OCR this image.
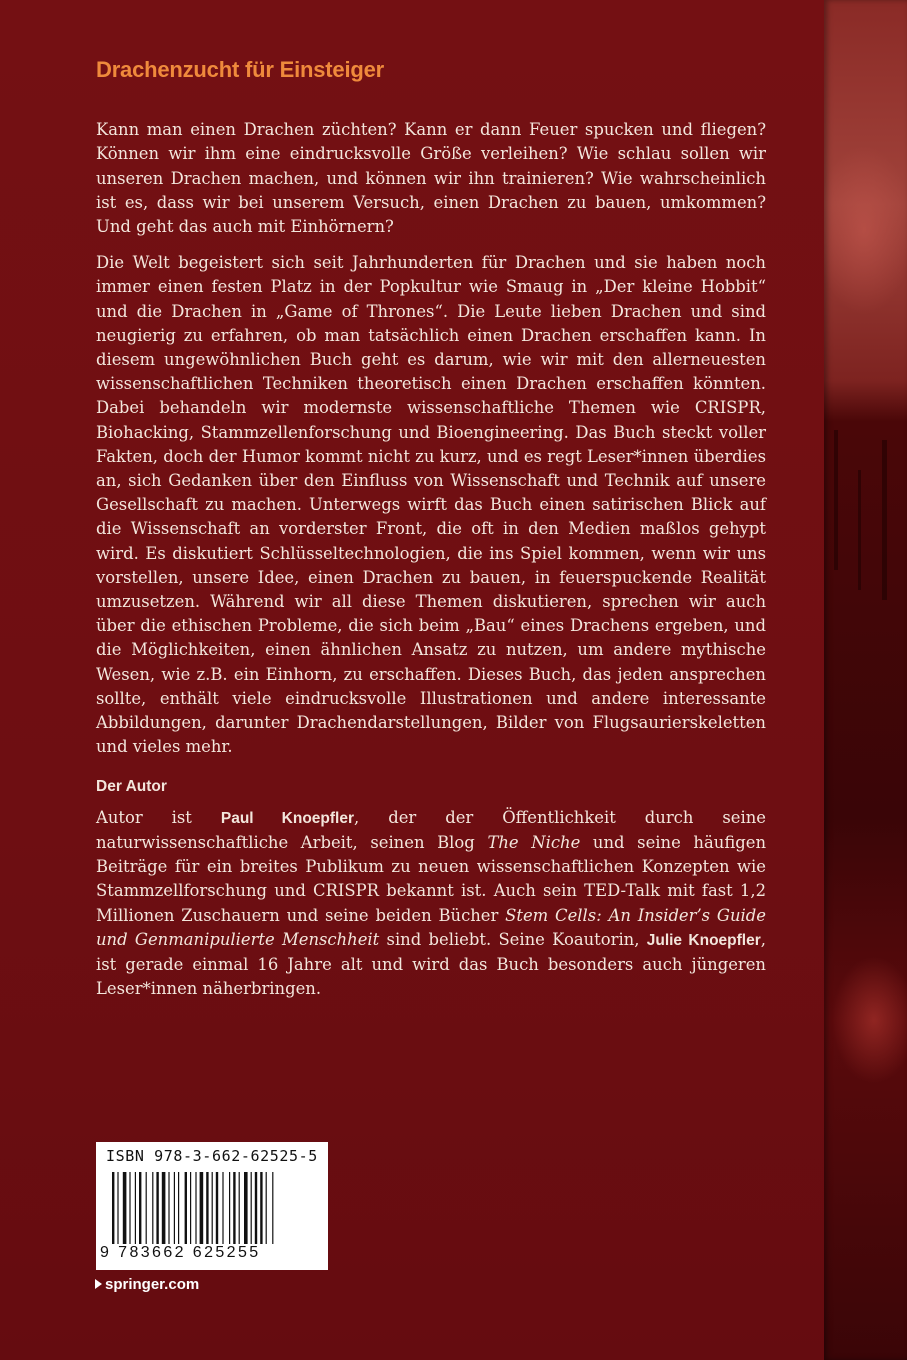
Drachenzucht für Einsteiger

Kann man einen Drachen züchten? Kann er dann Feuer spucken und fliegen? Können wir ihm eine eindrucksvolle Größe verleihen? Wie schlau sollen wir unseren Drachen machen, und können wir ihn trainieren? Wie wahrscheinlich ist es, dass wir bei unserem Versuch, einen Drachen zu bauen, umkommen? Und geht das auch mit Einhörnern?

Die Welt begeistert sich seit Jahrhunderten für Drachen und sie haben noch immer einen festen Platz in der Popkultur wie Smaug in „Der kleine Hobbit“ und die Drachen in „Game of Thrones“. Die Leute lieben Drachen und sind neugierig zu erfahren, ob man tatsächlich einen Drachen erschaffen kann. In diesem ungewöhnlichen Buch geht es darum, wie wir mit den allerneuesten wissenschaftlichen Techniken theoretisch einen Drachen erschaffen könnten. Dabei behandeln wir modernste wissenschaftliche Themen wie CRISPR, Biohacking, Stammzellenforschung und Bioengineering. Das Buch steckt voller Fakten, doch der Humor kommt nicht zu kurz, und es regt Leser*innen überdies an, sich Gedanken über den Einfluss von Wissenschaft und Technik auf unsere Gesellschaft zu machen. Unterwegs wirft das Buch einen satirischen Blick auf die Wissenschaft an vorderster Front, die oft in den Medien maßlos gehypt wird. Es diskutiert Schlüsseltechnologien, die ins Spiel kommen, wenn wir uns vorstellen, unsere Idee, einen Drachen zu bauen, in feuerspuckende Realität umzusetzen. Während wir all diese Themen diskutieren, sprechen wir auch über die ethischen Probleme, die sich beim „Bau“ eines Drachens ergeben, und die Möglichkeiten, einen ähnlichen Ansatz zu nutzen, um andere mythische Wesen, wie z.B. ein Einhorn, zu erschaffen. Dieses Buch, das jeden ansprechen sollte, enthält viele eindrucksvolle Illustrationen und andere interessante Abbildungen, darunter Drachendarstellungen, Bilder von Flugsaurierskeletten und vieles mehr.

Der Autor

Autor ist Paul Knoepfler, der der Öffentlichkeit durch seine naturwissenschaftliche Arbeit, seinen Blog The Niche und seine häufigen Beiträge für ein breites Publikum zu neuen wissenschaftlichen Konzepten wie Stammzellforschung und CRISPR bekannt ist. Auch sein TED-Talk mit fast 1,2 Millionen Zuschauern und seine beiden Bücher Stem Cells: An Insider’s Guide und Genmanipulierte Menschheit sind beliebt. Seine Koautorin, Julie Knoepfler, ist gerade einmal 16 Jahre alt und wird das Buch besonders auch jüngeren Leser*innen näherbringen.

ISBN 978-3-662-62525-5
9 783662 625255
springer.com
